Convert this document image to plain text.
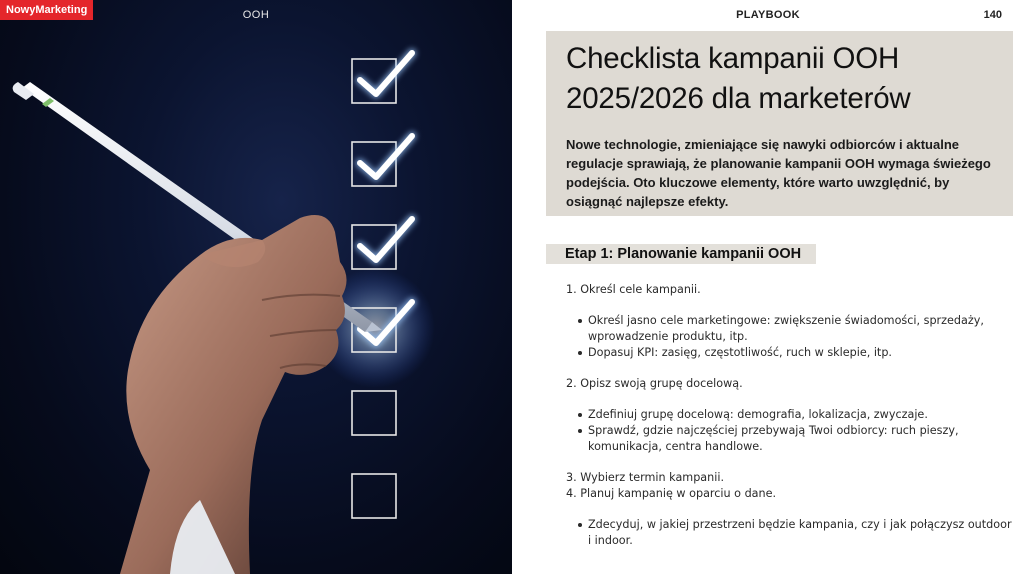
NowyMarketing	OOH	PLAYBOOK	140
Checklista kampanii OOH
2025/2026 dla marketerów

Nowe technologie, zmieniające się nawyki odbiorców i aktualne regulacje sprawiają, że planowanie kampanii OOH wymaga świeżego podejścia. Oto kluczowe elementy, które warto uwzględnić, by osiągnąć najlepsze efekty.

Etap 1: Planowanie kampanii OOH
1. Określ cele kampanii.
Określ jasno cele marketingowe: zwiększenie świadomości, sprzedaży, wprowadzenie produktu, itp.
Dopasuj KPI: zasięg, częstotliwość, ruch w sklepie, itp.
2. Opisz swoją grupę docelową.
Zdefiniuj grupę docelową: demografia, lokalizacja, zwyczaje.
Sprawdź, gdzie najczęściej przebywają Twoi odbiorcy: ruch pieszy, komunikacja, centra handlowe.
3. Wybierz termin kampanii.
4. Planuj kampanię w oparciu o dane.
Zdecyduj, w jakiej przestrzeni będzie kampania, czy i jak połączysz outdoor i indoor.
